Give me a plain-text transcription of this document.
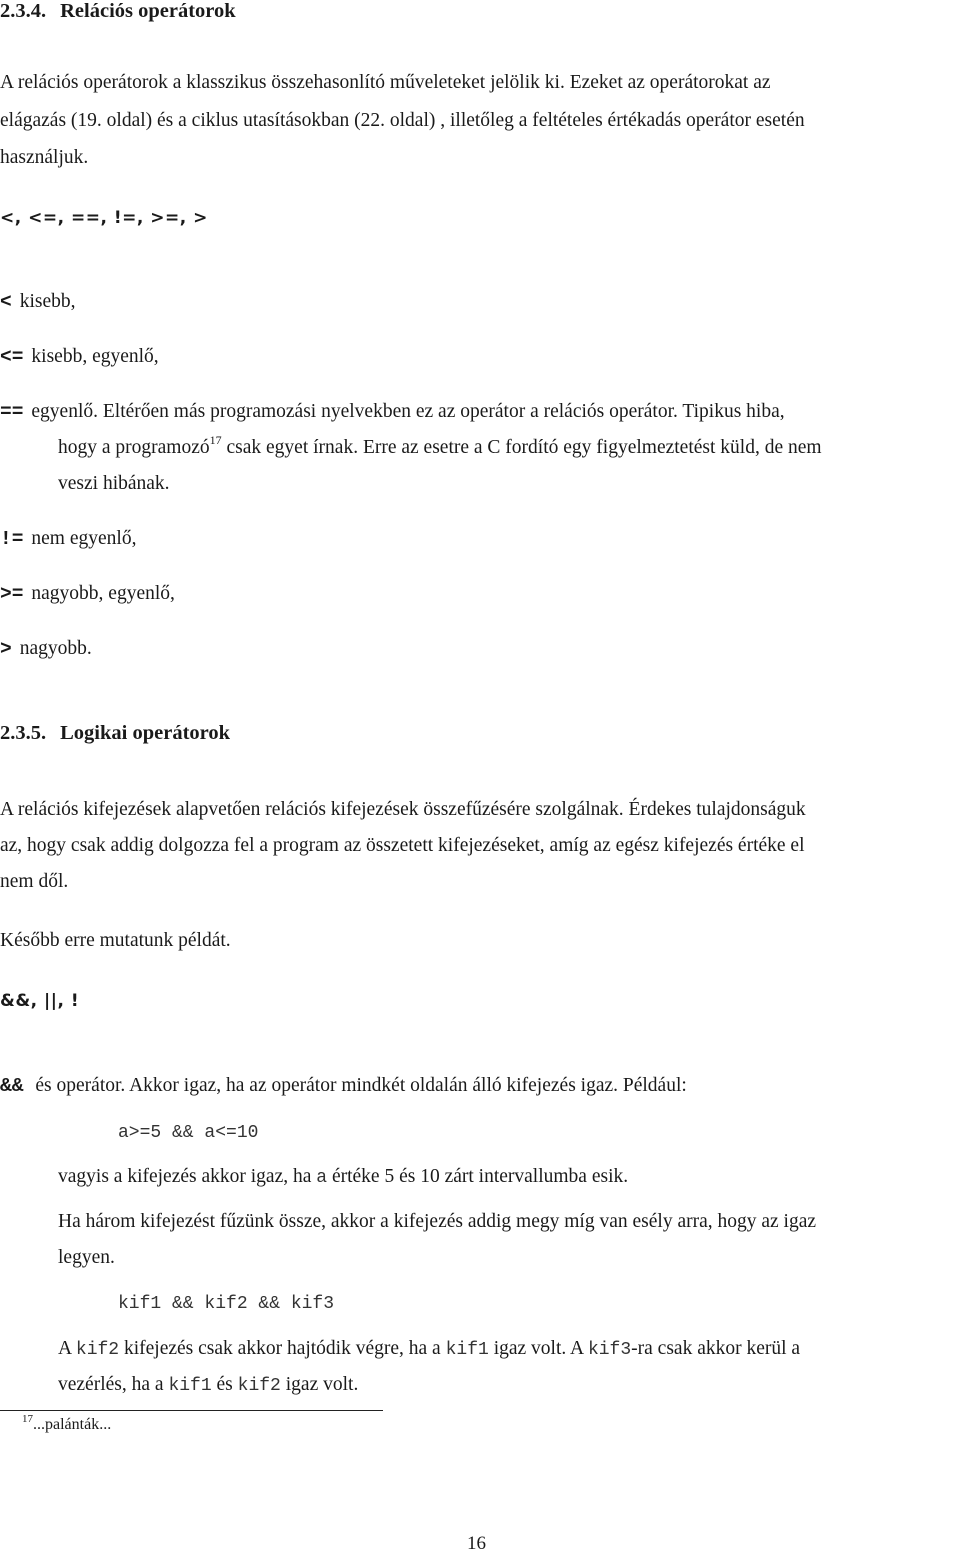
2.3.4. Relációs operátorok
A relációs operátorok a klasszikus összehasonlító műveleteket jelölik ki. Ezeket az operátorokat az
elágazás (19. oldal) és a ciklus utasításokban (22. oldal) , illetőleg a feltételes értékadás operátor esetén
használjuk.
<, <=, ==, !=, >=, >
< kisebb,
<= kisebb, egyenlő,
== egyenlő. Eltérően más programozási nyelvekben ez az operátor a relációs operátor. Tipikus hiba,
hogy a programozó$^{17}$ csak egyet írnak. Erre az esetre a C fordító egy figyelmeztetést küld, de nem
veszi hibának.
!= nem egyenlő,
>= nagyobb, egyenlő,
> nagyobb.
2.3.5. Logikai operátorok
A relációs kifejezések alapvetően relációs kifejezések összefűzésére szolgálnak. Érdekes tulajdonságuk
az, hogy csak addig dolgozza fel a program az összetett kifejezéseket, amíg az egész kifejezés értéke el
nem dől.
Később erre mutatunk példát.
&&, ||, !
&& és operátor. Akkor igaz, ha az operátor mindkét oldalán álló kifejezés igaz. Például:
a>=5 && a<=10
vagyis a kifejezés akkor igaz, ha a értéke 5 és 10 zárt intervallumba esik.
Ha három kifejezést fűzünk össze, akkor a kifejezés addig megy míg van esély arra, hogy az igaz
legyen.
kif1 && kif2 && kif3
A kif2 kifejezés csak akkor hajtódik végre, ha a kif1 igaz volt. A kif3-ra csak akkor kerül a
vezérlés, ha a kif1 és kif2 igaz volt.
$^{17}$...palánták...
16
